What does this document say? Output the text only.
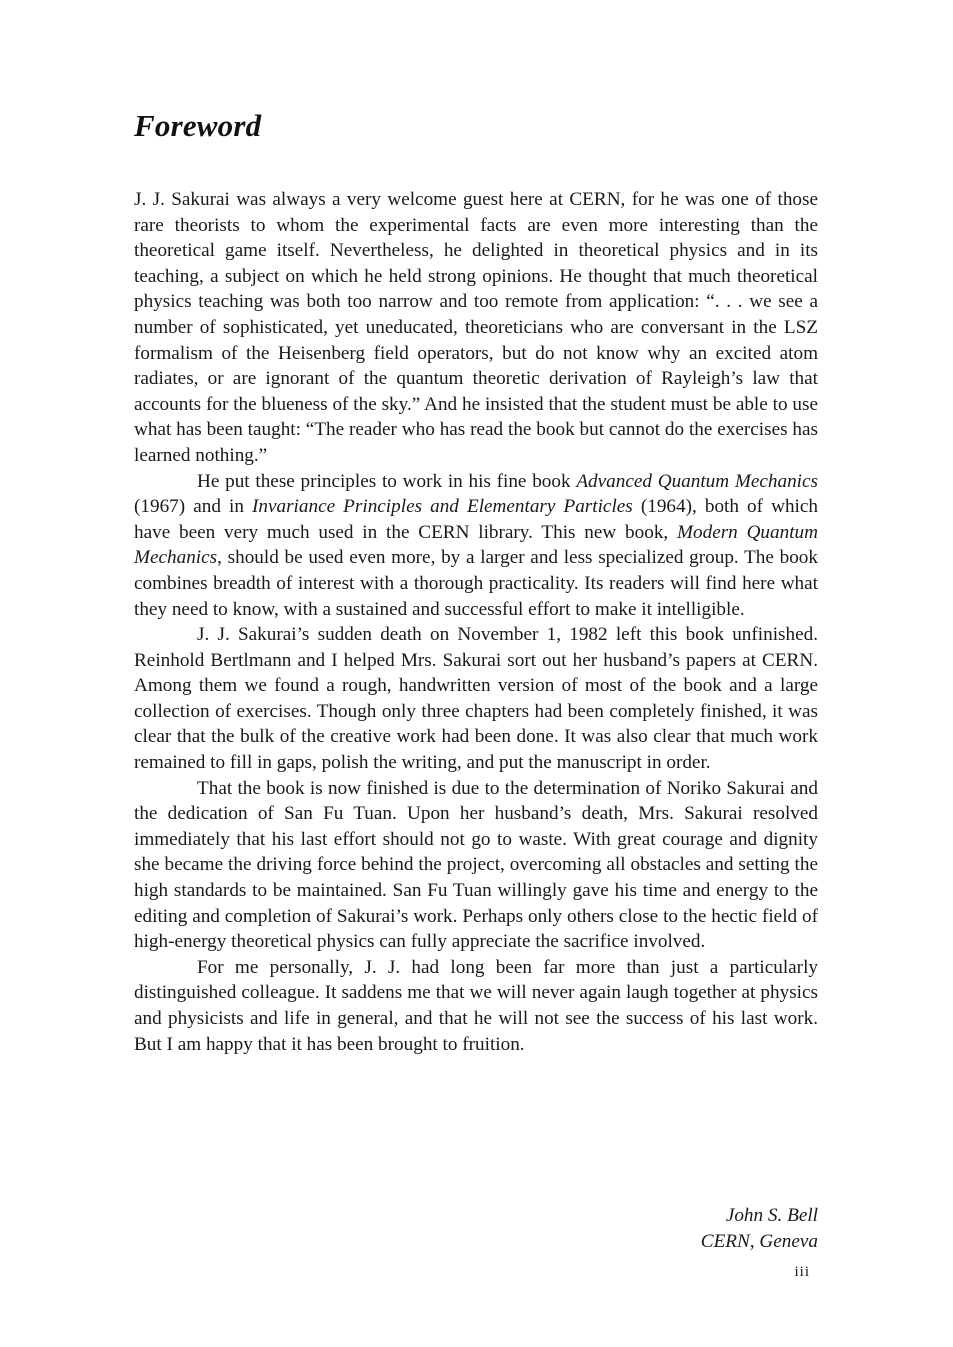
Foreword

J. J. Sakurai was always a very welcome guest here at CERN, for he was one of those rare theorists to whom the experimental facts are even more interesting than the theoretical game itself. Nevertheless, he delighted in theoretical physics and in its teaching, a subject on which he held strong opinions. He thought that much theoretical physics teaching was both too narrow and too remote from application: “. . . we see a number of sophisticated, yet uneducated, theoreticians who are conversant in the LSZ formalism of the Heisenberg field operators, but do not know why an excited atom radiates, or are ignorant of the quantum theoretic derivation of Rayleigh’s law that accounts for the blueness of the sky.” And he insisted that the student must be able to use what has been taught: “The reader who has read the book but cannot do the exercises has learned nothing.”

He put these principles to work in his fine book Advanced Quantum Mechanics (1967) and in Invariance Principles and Elementary Particles (1964), both of which have been very much used in the CERN library. This new book, Modern Quantum Mechanics, should be used even more, by a larger and less specialized group. The book combines breadth of interest with a thorough practicality. Its readers will find here what they need to know, with a sustained and successful effort to make it intelligible.

J. J. Sakurai’s sudden death on November 1, 1982 left this book unfinished. Reinhold Bertlmann and I helped Mrs. Sakurai sort out her husband’s papers at CERN. Among them we found a rough, handwritten version of most of the book and a large collection of exercises. Though only three chapters had been completely finished, it was clear that the bulk of the creative work had been done. It was also clear that much work remained to fill in gaps, polish the writing, and put the manuscript in order.

That the book is now finished is due to the determination of Noriko Sakurai and the dedication of San Fu Tuan. Upon her husband’s death, Mrs. Sakurai resolved immediately that his last effort should not go to waste. With great courage and dignity she became the driving force behind the project, overcoming all obstacles and setting the high standards to be maintained. San Fu Tuan willingly gave his time and energy to the editing and completion of Sakurai’s work. Perhaps only others close to the hectic field of high-energy theoretical physics can fully appreciate the sacrifice involved.

For me personally, J. J. had long been far more than just a particularly distinguished colleague. It saddens me that we will never again laugh together at physics and physicists and life in general, and that he will not see the success of his last work. But I am happy that it has been brought to fruition.

John S. Bell
CERN, Geneva
iii
